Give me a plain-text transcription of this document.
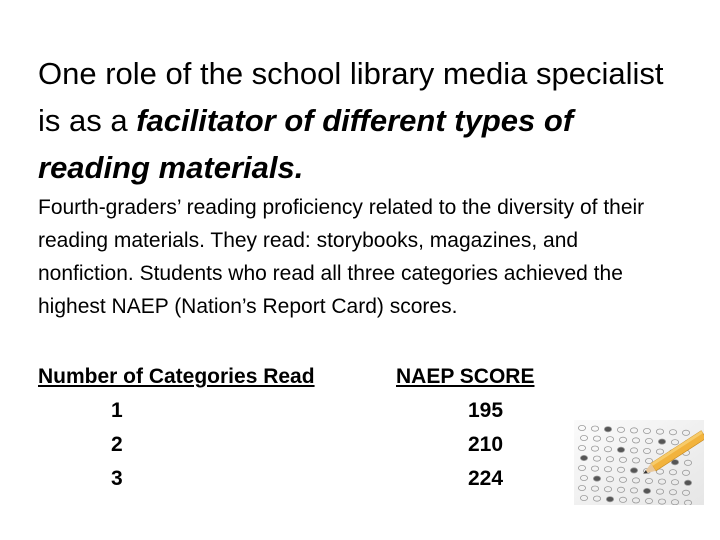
One role of the school library media specialist is as a facilitator of different types of reading materials.

Fourth-graders’ reading proficiency related to the diversity of their reading materials. They read: storybooks, magazines, and nonfiction. Students who read all three categories achieved the highest NAEP (Nation’s Report Card) scores.

Number of Categories Read	NAEP SCORE
1	195
2	210
3	224
